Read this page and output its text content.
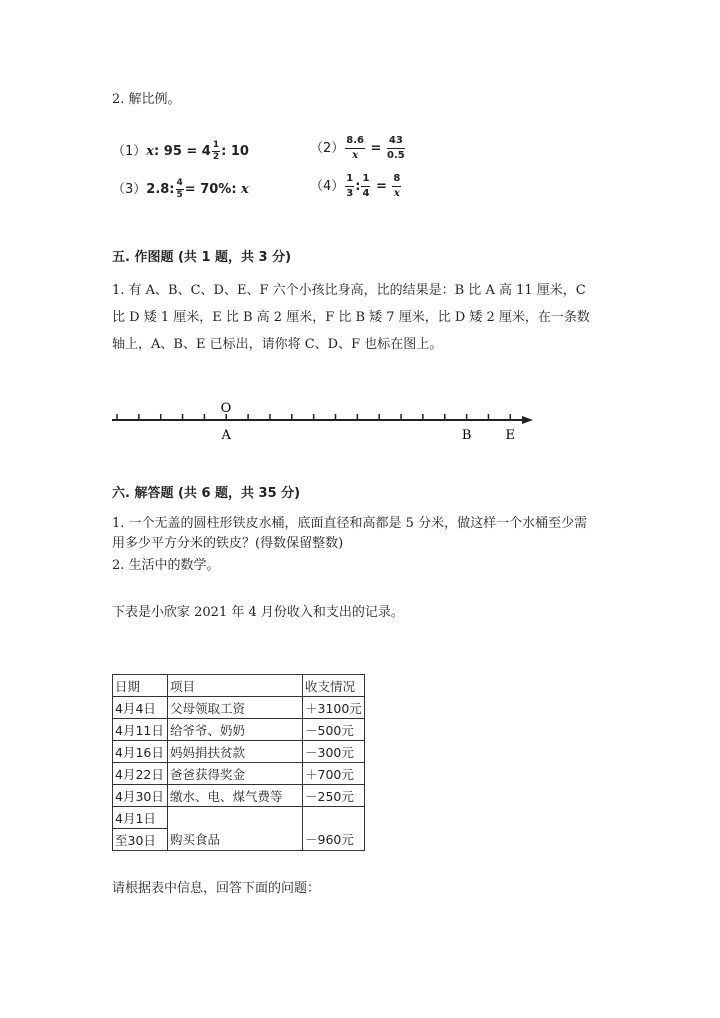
2. 解比例。
（1）x: $95 = 4 \frac{1}{2}$ : 10	$(2) \frac{8.6}{x} = \frac{43}{0.5}$
（3）2.8: $\frac{4}{5} = 70\%$: x	$(4) \frac{1}{3}$ : $\frac{1}{4} = \frac{8}{x}$
五. 作图题 (共 1 题，共 3 分)
1. 有 A、B、C、D、E、F 六个小孩比身高，比的结果是：B 比 A 高 11 厘米，C 比 D 矮 1 厘米，E 比 B 高 2 厘米，F 比 B 矮 7 厘米，比 D 矮 2 厘米，在一条数轴上，A、B、E 已标出，请你将 C、D、F 也标在图上。
O
A	B	E
六. 解答题 (共 6 题，共 35 分)
1. 一个无盖的圆柱形铁皮水桶，底面直径和高都是 5 分米，做这样一个水桶至少需用多少平方分米的铁皮？(得数保留整数)
2. 生活中的数学。
下表是小欣家 2021 年 4 月份收入和支出的记录。
日期	项目	收支情况
4月4日	父母领取工资	＋3100元
4月11日	给爷爷、奶奶	－500元
4月16日	妈妈捐扶贫款	－300元
4月22日	爸爸获得奖金	＋700元
4月30日	缴水、电、煤气费等	－250元
4月1日		
至30日	购买食品	－960元
请根据表中信息，回答下面的问题：
